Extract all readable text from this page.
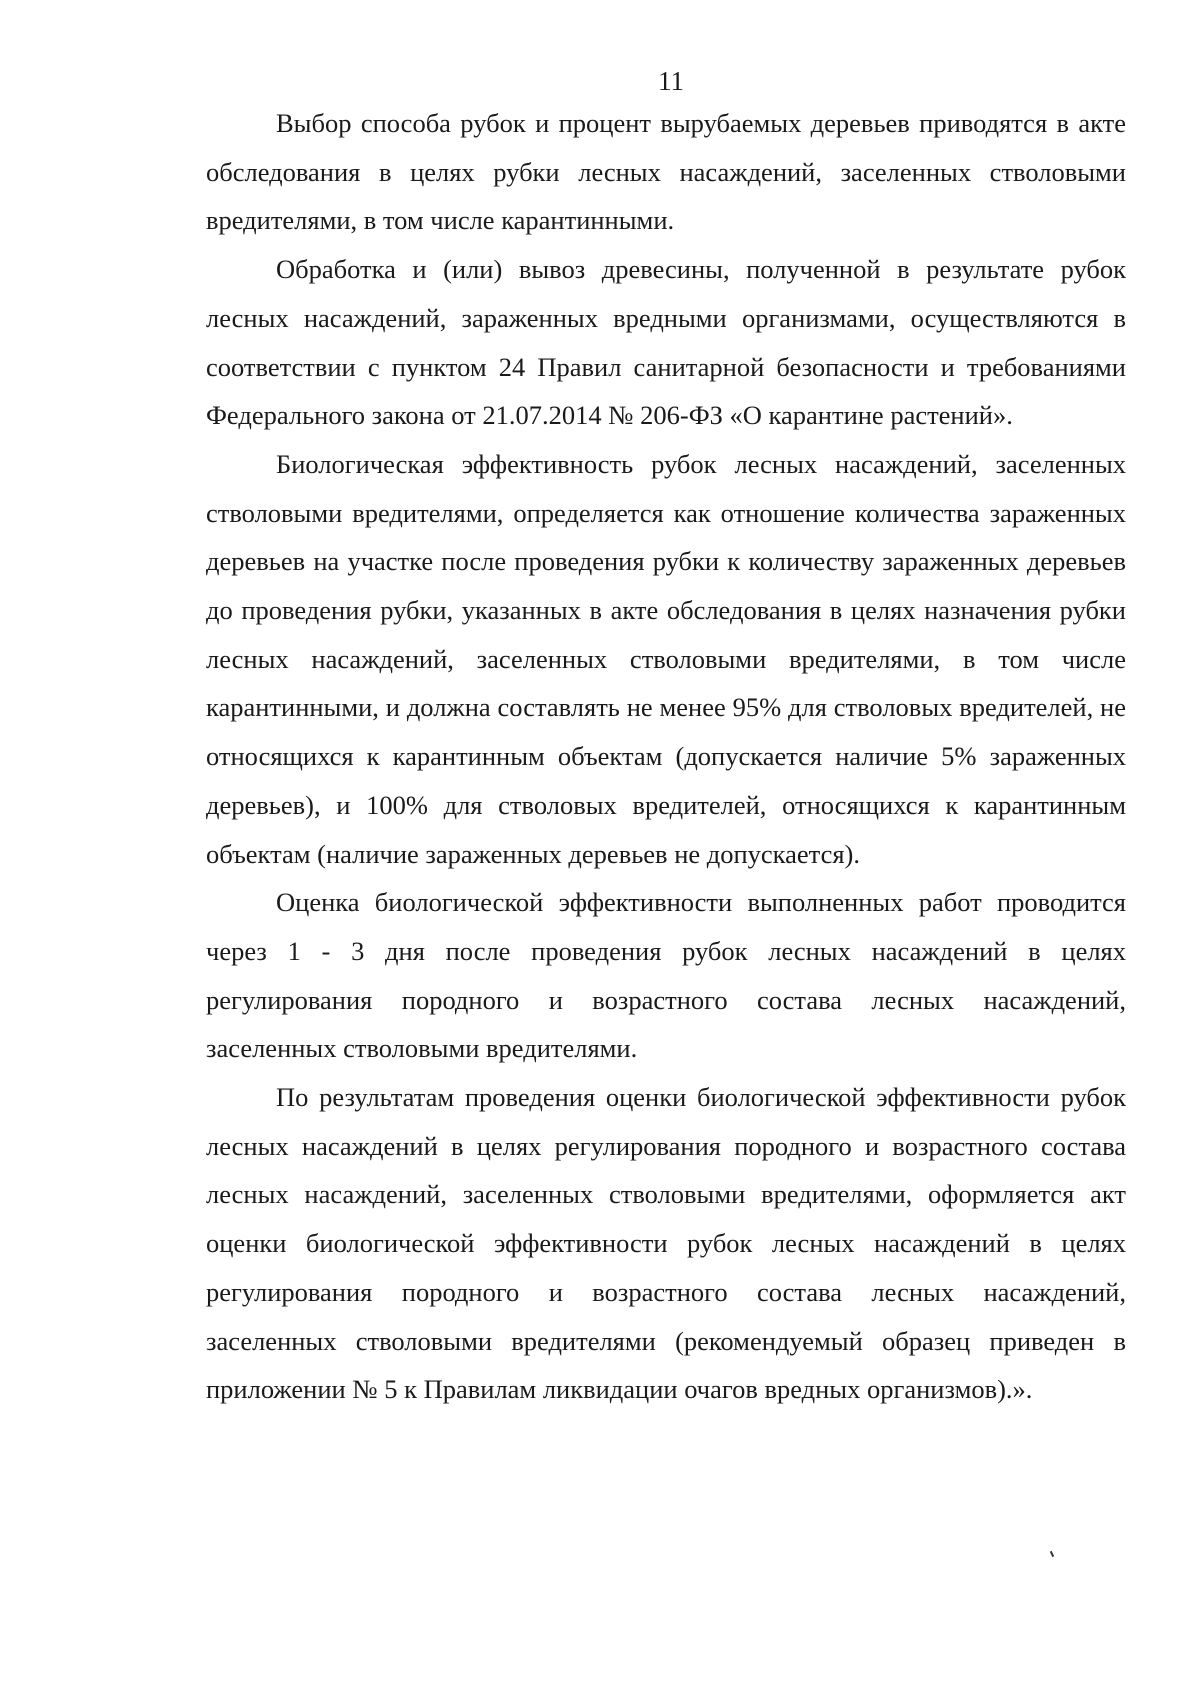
11

Выбор способа рубок и процент вырубаемых деревьев приводятся в акте обследования в целях рубки лесных насаждений, заселенных стволовыми вредителями, в том числе карантинными.

Обработка и (или) вывоз древесины, полученной в результате рубок лесных насаждений, зараженных вредными организмами, осуществляются в соответствии с пунктом 24 Правил санитарной безопасности и требованиями Федерального закона от 21.07.2014 № 206-ФЗ «О карантине растений».

Биологическая эффективность рубок лесных насаждений, заселенных стволовыми вредителями, определяется как отношение количества зараженных деревьев на участке после проведения рубки к количеству зараженных деревьев до проведения рубки, указанных в акте обследования в целях назначения рубки лесных насаждений, заселенных стволовыми вредителями, в том числе карантинными, и должна составлять не менее 95% для стволовых вредителей, не относящихся к карантинным объектам (допускается наличие 5% зараженных деревьев), и 100% для стволовых вредителей, относящихся к карантинным объектам (наличие зараженных деревьев не допускается).

Оценка биологической эффективности выполненных работ проводится через 1 - 3 дня после проведения рубок лесных насаждений в целях регулирования породного и возрастного состава лесных насаждений, заселенных стволовыми вредителями.

По результатам проведения оценки биологической эффективности рубок лесных насаждений в целях регулирования породного и возрастного состава лесных насаждений, заселенных стволовыми вредителями, оформляется акт оценки биологической эффективности рубок лесных насаждений в целях регулирования породного и возрастного состава лесных насаждений, заселенных стволовыми вредителями (рекомендуемый образец приведен в приложении № 5 к Правилам ликвидации очагов вредных организмов).».
